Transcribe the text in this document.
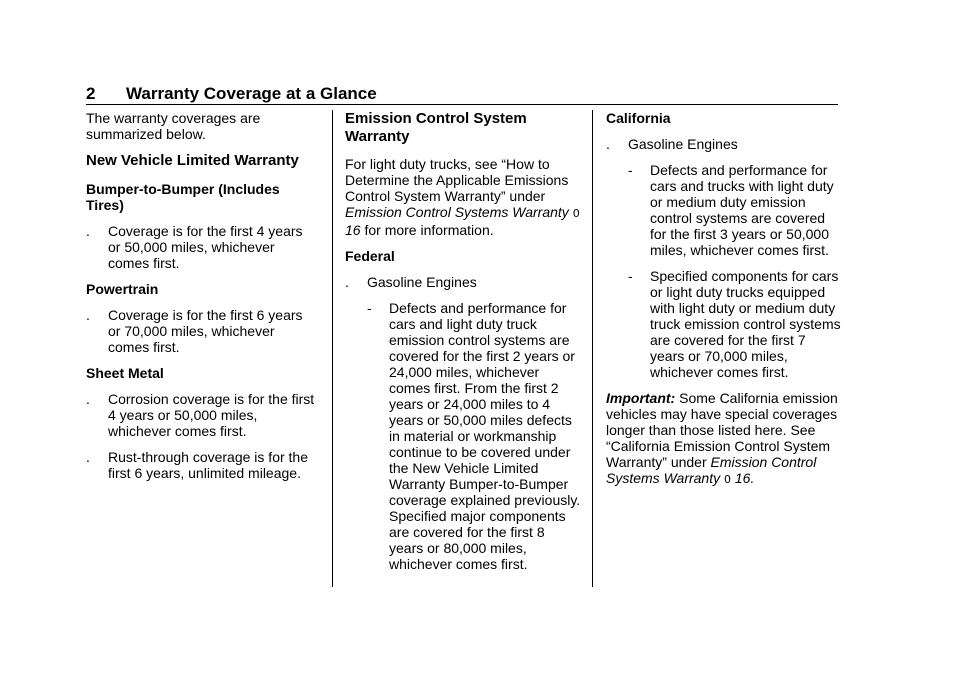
2 Warranty Coverage at a Glance

The warranty coverages are summarized below.

New Vehicle Limited Warranty

Bumper-to-Bumper (Includes Tires)

. Coverage is for the first 4 years or 50,000 miles, whichever comes first.

Powertrain

. Coverage is for the first 6 years or 70,000 miles, whichever comes first.

Sheet Metal

. Corrosion coverage is for the first 4 years or 50,000 miles, whichever comes first.
. Rust-through coverage is for the first 6 years, unlimited mileage.

Emission Control System Warranty

For light duty trucks, see “How to Determine the Applicable Emissions Control System Warranty” under Emission Control Systems Warranty 0 16 for more information.

Federal

. Gasoline Engines
- Defects and performance for cars and light duty truck emission control systems are covered for the first 2 years or 24,000 miles, whichever comes first. From the first 2 years or 24,000 miles to 4 years or 50,000 miles defects in material or workmanship continue to be covered under the New Vehicle Limited Warranty Bumper-to-Bumper coverage explained previously. Specified major components are covered for the first 8 years or 80,000 miles, whichever comes first.

California

. Gasoline Engines
- Defects and performance for cars and trucks with light duty or medium duty emission control systems are covered for the first 3 years or 50,000 miles, whichever comes first.
- Specified components for cars or light duty trucks equipped with light duty or medium duty truck emission control systems are covered for the first 7 years or 70,000 miles, whichever comes first.

Important: Some California emission vehicles may have special coverages longer than those listed here. See “California Emission Control System Warranty” under Emission Control Systems Warranty 0 16.
